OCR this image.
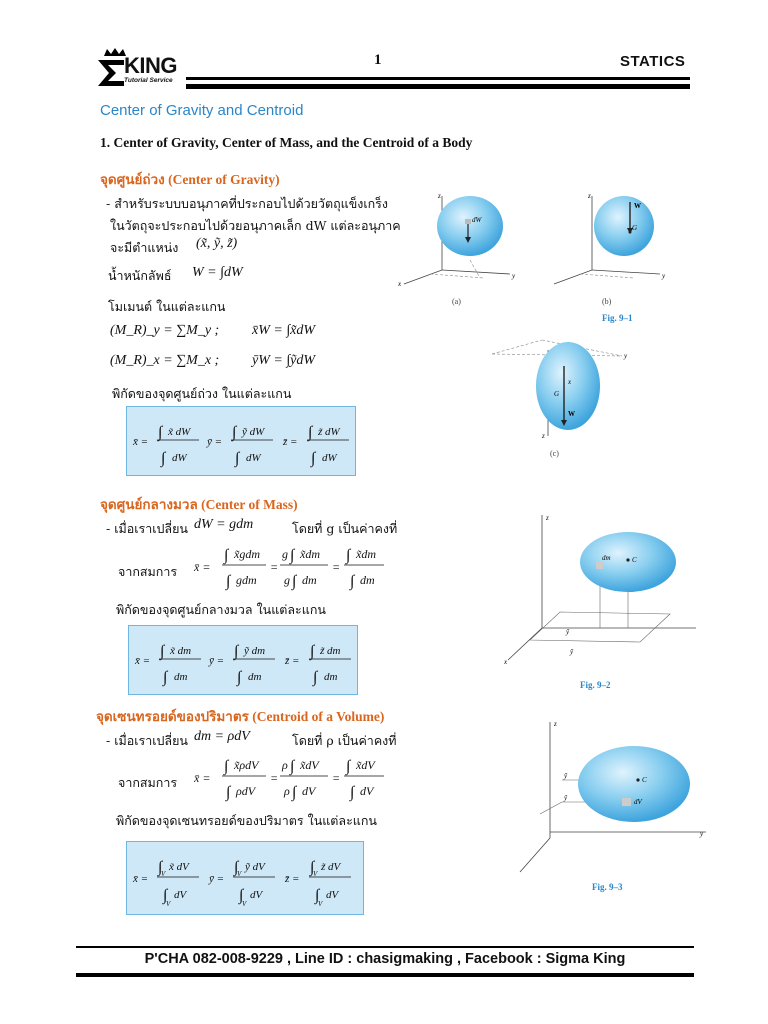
KING
Tutorial Service
1	STATICS
Center of Gravity and Centroid
1. Center of Gravity, Center of Mass, and the Centroid of a Body
จุดศูนย์ถ่วง (Center of Gravity)
- สำหรับระบบบอนุภาคที่ประกอบไปด้วยวัตถุแข็งเกร็ง
ในวัตถุจะประกอบไปด้วยอนุภาคเล็ก dW แต่ละอนุภาค
จะมีตำแหน่ง (x̃, ỹ, z̃)
น้ำหนักลัพธ์ W = ∫dW
โมเมนต์ ในแต่ละแกน
(M_R)_y = ∑M_y ; x̄W = ∫x̃dW
(M_R)_x = ∑M_x ; ȳW = ∫ỹdW
พิกัดของจุดศูนย์ถ่วง ในแต่ละแกน
x̄ =
∫ x̃ dW
∫ dW
ȳ =
∫ ỹ dW
∫ dW
z̄ =
∫ z̃ dW
∫ dW
จุดศูนย์กลางมวล (Center of Mass)
- เมื่อเราเปลี่ยน dW = gdm	โดยที่ g เป็นค่าคงที่
จากสมการ x̄ =
∫ x̃gdm
∫ gdm
=
g ∫ x̃dm
g ∫ dm
=
∫ x̃dm
∫ dm
พิกัดของจุดศูนย์กลางมวล ในแต่ละแกน
x̄ =
∫ x̃ dm
∫ dm
ȳ =
∫ ỹ dm
∫ dm
z̄ =
∫ z̃ dm
∫ dm
จุดเซนทรอยด์ของปริมาตร (Centroid of a Volume)
- เมื่อเราเปลี่ยน dm = ρdV	โดยที่ ρ เป็นค่าคงที่
จากสมการ x̄ =
∫ x̃ρdV
∫ ρdV
=
ρ ∫ x̃dV
ρ ∫ dV
=
∫ x̃dV
∫ dV
พิกัดของจุดเซนทรอยด์ของปริมาตร ในแต่ละแกน
x̄ =
∫
V
x̃ dV
∫
V
dV
ȳ =
∫
V
ỹ dV
∫
V
dV
z̄ =
∫
V
z̃ dV
∫
V
dV
dW
z
x
y
(a)
W
G
z
y
(b)
Fig. 9–1
x
G
W
z
y
(c)
dm	C
z
x
ỹ
ȳ
Fig. 9–2
C
dV
ȳ
ỹ
z
y
Fig. 9–3
P'CHA 082-008-9229 , Line ID : chasigmaking , Facebook : Sigma King
